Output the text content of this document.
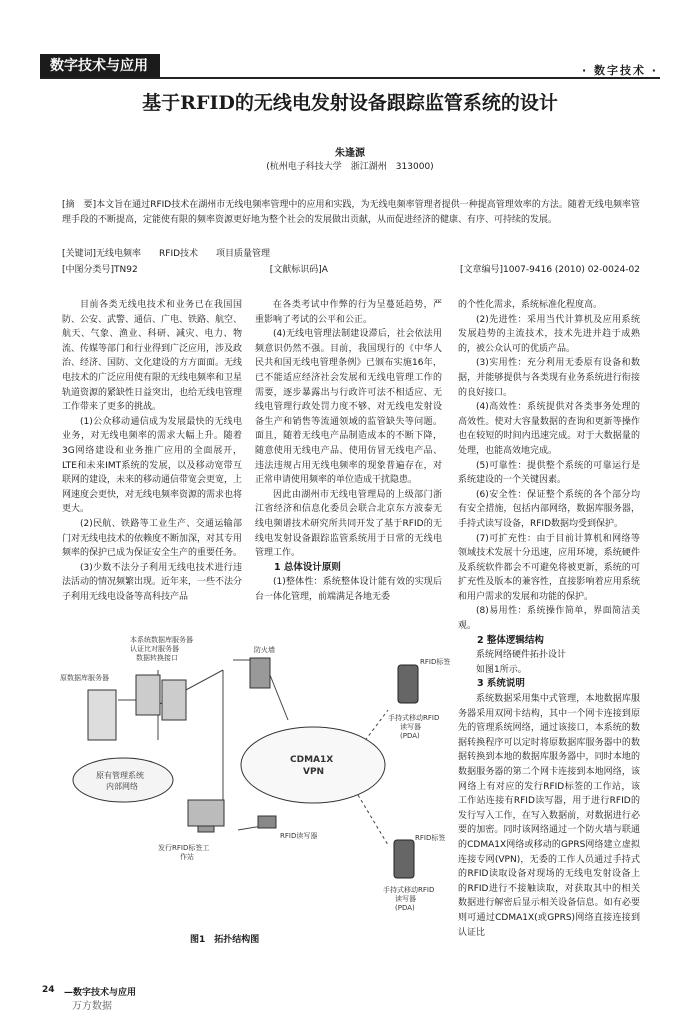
数字技术与应用	· 数字技术 ·
基于RFID的无线电发射设备跟踪监管系统的设计
朱逢源
(杭州电子科技大学　浙江湖州　313000)
[摘　要]本文旨在通过RFID技术在湖州市无线电频率管理中的应用和实践，为无线电频率管理者提供一种提高管理效率的方法。随着无线电频率管理手段的不断提高，定能使有限的频率资源更好地为整个社会的发展做出贡献，从而促进经济的健康、有序、可持续的发展。
[关键词]无线电频率　　RFID技术　　项目质量管理
[中图分类号]TN92	[文献标识码]A	[文章编号]1007-9416 (2010) 02-0024-02

目前各类无线电技术和业务已在我国国防、公安、武警、通信、广电、铁路、航空、航天、气象、渔业、科研、减灾、电力、物流、传媒等部门和行业得到广泛应用，涉及政治、经济、国防、文化建设的方方面面。无线电技术的广泛应用使有限的无线电频率和卫星轨道资源的紧缺性日益突出，也给无线电管理工作带来了更多的挑战。

(1)公众移动通信成为发展最快的无线电业务，对无线电频率的需求大幅上升。随着3G网络建设和业务推广应用的全面展开，LTE和未来IMT系统的发展，以及移动宽带互联网的建设，未来的移动通信带宽会更宽，上网速度会更快，对无线电频率资源的需求也将更大。

(2)民航、铁路等工业生产、交通运输部门对无线电技术的依赖度不断加深，对其专用频率的保护已成为保证安全生产的重要任务。

(3)少数不法分子利用无线电技术进行违法活动的情况频繁出现。近年来，一些不法分子利用无线电设备等高科技产品

在各类考试中作弊的行为呈蔓延趋势，严重影响了考试的公平和公正。

(4)无线电管理法制建设滞后，社会依法用频意识仍然不强。目前，我国现行的《中华人民共和国无线电管理条例》已颁布实施16年，已不能适应经济社会发展和无线电管理工作的需要，逐步暴露出与行政许可法不相适应、无线电管理行政处罚力度不够、对无线电发射设备生产和销售等流通领域的监管缺失等问题。面且，随着无线电产品制造成本的不断下降，随意使用无线电产品、使用仿冒无线电产品、违法违规占用无线电频率的现象普遍存在，对正常申请使用频率的单位造成干扰隐患。

因此由湖州市无线电管理局的上级部门浙江省经济和信息化委员会联合北京东方波泰无线电频谱技术研究所共同开发了基于RFID的无线电发射设备跟踪监管系统用于日常的无线电管理工作。

1 总体设计原则

(1)整体性：系统整体设计能有效的实现后台一体化管理，前端满足各地无委

的个性化需求，系统标准化程度高。

(2)先进性：采用当代计算机及应用系统发展趋势的主流技术，技术先进并趋于成熟的，被公众认可的优质产品。

(3)实用性：充分利用无委原有设备和数据，并能够提供与各类现有业务系统进行衔接的良好接口。

(4)高效性：系统提供对各类事务处理的高效性。使对大容量数据的查询和更新等操作也在较短的时间内迅速完成。对于大数据量的处理，也能高效地完成。

(5)可靠性：提供整个系统的可靠运行是系统建设的一个关键因素。

(6)安全性：保证整个系统的各个部分均有安全措施，包括内部网络，数据库服务器，手持式读写设备，RFID数据均受到保护。

(7)可扩充性：由于目前计算机和网络等领域技术发展十分迅速，应用环境，系统硬件及系统软件都会不可避免将被更新，系统的可扩充性及版本的兼容性，直接影响着应用系统和用户需求的发展和功能的保护。

(8)易用性：系统操作简单，界面简洁美观。

2 整体逻辑结构

系统网络硬件拓扑设计

如图1所示。

3 系统说明

系统数据采用集中式管理，本地数据库服务器采用双网卡结构，其中一个网卡连接到原先的管理系统网络，通过该接口，本系统的数据转换程序可以定时将原数据库服务器中的数据转换到本地的数据库服务器中，同时本地的数据服务器的第二个网卡连接到本地网络，该网络上有对应的发行RFID标签的工作站，该工作站连接有RFID读写器，用于进行RFID的发行写入工作，在写入数据前，对数据进行必要的加密。同时该网络通过一个防火墙与联通的CDMA1X网络或移动的GPRS网络建立虚拟连接专网(VPN)，无委的工作人员通过手持式的RFID读取设备对现场的无线电发射设备上的RFID进行不接触读取，对获取其中的相关数据进行解密后显示相关设备信息。如有必要则可通过CDMA1X(或GPRS)网络直接连接到认证比

本系统数据库服务器
认证比对服务器
数据转换接口
原数据库服务器
原有管理系统
内部网络
防火墙
CDMA1X
VPN
RFID标签
手持式移动RFID
读写器
(PDA)
RFID读写器
发行RFID标签工
作站
RFID标签
手持式移动RFID
读写器
(PDA)
图1　拓扑结构图
24 —数字技术与应用
万方数据
